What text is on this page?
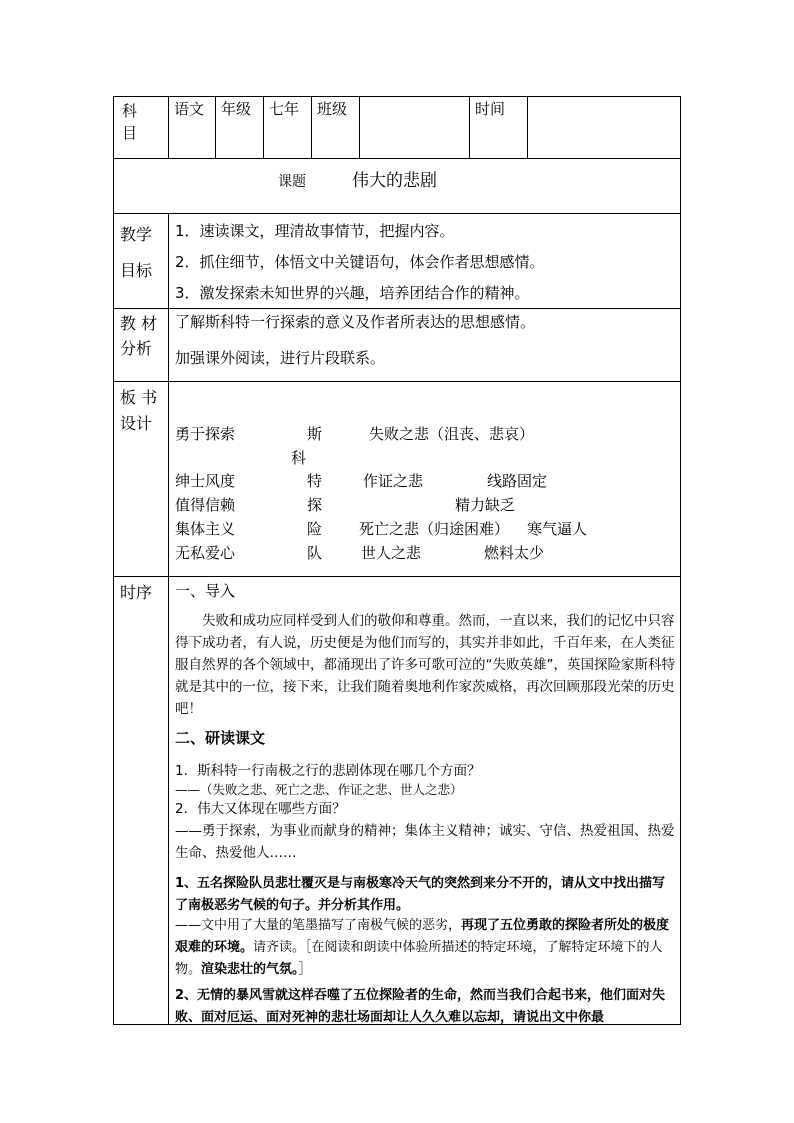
科
目
语文 年级 七年 班级	时间
课题	伟大的悲剧
教学
目标
1．速读课文，理清故事情节，把握内容。
2．抓住细节，体悟文中关键语句，体会作者思想感情。
3．激发探索未知世界的兴趣，培养团结合作的精神。
教 材
分析
了解斯科特一行探索的意义及作者所表达的思想感情。
加强课外阅读，进行片段联系。
板 书
设计
勇于探索
绅士风度
值得信赖
集体主义
无私爱心
斯
科
特
探
险
队
失败之悲（沮丧、悲哀）
作证之悲
死亡之悲（归途困难）
世人之悲
线路固定
精力缺乏
寒气逼人
燃料太少
时序 一、导入
失败和成功应同样受到人们的敬仰和尊重。然而，一直以来，我们的记忆中只容得下成功者，有人说，历史便是为他们而写的，其实并非如此，千百年来，在人类征服自然界的各个领域中，都涌现出了许多可歌可泣的“失败英雄”，英国探险家斯科特就是其中的一位，接下来，让我们随着奥地利作家茨威格，再次回顾那段光荣的历史吧！
二、研读课文
1．斯科特一行南极之行的悲剧体现在哪几个方面？
——（失败之悲、死亡之悲、作证之悲、世人之悲）
2．伟大又体现在哪些方面？
——勇于探索，为事业而献身的精神；集体主义精神；诚实、守信、热爱祖国、热爱生命、热爱他人……
1、五名探险队员悲壮覆灭是与南极寒冷天气的突然到来分不开的，请从文中找出描写了南极恶劣气候的句子。并分析其作用。
——文中用了大量的笔墨描写了南极气候的恶劣，再现了五位勇敢的探险者所处的极度艰难的环境。请齐读。［在阅读和朗读中体验所描述的特定环境，了解特定环境下的人物。渲染悲壮的气氛。］
2、无情的暴风雪就这样吞噬了五位探险者的生命，然而当我们合起书来，他们面对失败、面对厄运、面对死神的悲壮场面却让人久久难以忘却，请说出文中你最
